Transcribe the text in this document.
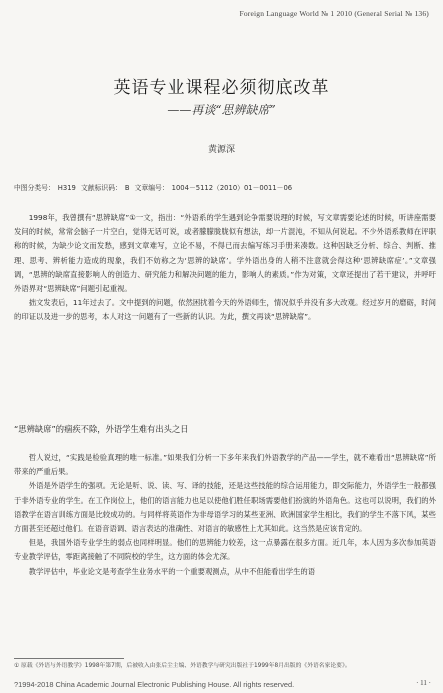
Foreign Language World № 1 2010 (General Serial № 136)
英语专业课程必须彻底改革
——再谈“思辨缺席”
黄源深
中图分类号： H319 文献标识码： B 文章编号： 1004－5112（2010）01－0011－06

1998年，我曾撰有“思辨缺席”①一文，指出：“外语系的学生遇到论争需要说理的时候，写文章需要论述的时候，听讲座需要发问的时候，常常会脑子一片空白，觉得无话可说，或者朦朦胧胧似有想法，却一片混沌，不知从何说起。不少外语系教师在评职称的时候，为缺少论文而发愁，感到文章难写，立论不易，不得已而去编写练习手册来凑数。这种因缺乏分析、综合、判断、推理、思考、辨析能力造成的现象，我们不妨称之为‘思辨的缺席’。学外语出身的人稍不注意就会得这种‘思辨缺席症’。”文章强调，“思辨的缺席直接影响人的创造力、研究能力和解决问题的能力，影响人的素质。”作为对策，文章还提出了若干建议，并呼吁外语界对“思辨缺席”问题引起重视。

拙文发表后，11年过去了。文中提到的问题，依然困扰着今天的外语师生，情况似乎并没有多大改观。经过岁月的磨砺，时间的印证以及进一步的思考，本人对这一问题有了一些新的认识。为此，撰文再谈“思辨缺席”。

“思辨缺席”的痼疾不除，外语学生难有出头之日

哲人说过，“实践是检验真理的唯一标准。”如果我们分析一下多年来我们外语教学的产品——学生，就不难看出“思辨缺席”所带来的严重后果。

外语是外语学生的强项。无论是听、说、读、写、译的技能，还是这些技能的综合运用能力，即交际能力，外语学生一般都强于非外语专业的学生。在工作岗位上，他们的语言能力也足以使他们胜任职场需要他们扮演的外语角色。这也可以说明，我们的外语教学在语言训练方面是比较成功的。与同样将英语作为非母语学习的某些亚洲、欧洲国家学生相比，我们的学生不落下风，某些方面甚至还超过他们。在语音语调、语言表达的准确性、对语言的敏感性上尤其如此。这当然是应该肯定的。

但是，我国外语专业学生的弱点也同样明显。他们的思辨能力较差，这一点暴露在很多方面。近几年，本人因为多次参加英语专业教学评估，零距离接触了不同院校的学生，这方面的体会尤深。

教学评估中，毕业论文是考查学生业务水平的一个重要观测点，从中不但能看出学生的语

① 原载《外语与外语教学》1998年第7期，后被收入由张后尘主编、外语教学与研究出版社于1999年8月出版的《外语名家论要》。
?1994-2018 China Academic Journal Electronic Publishing House. All rights reserved.	· 11 ·
